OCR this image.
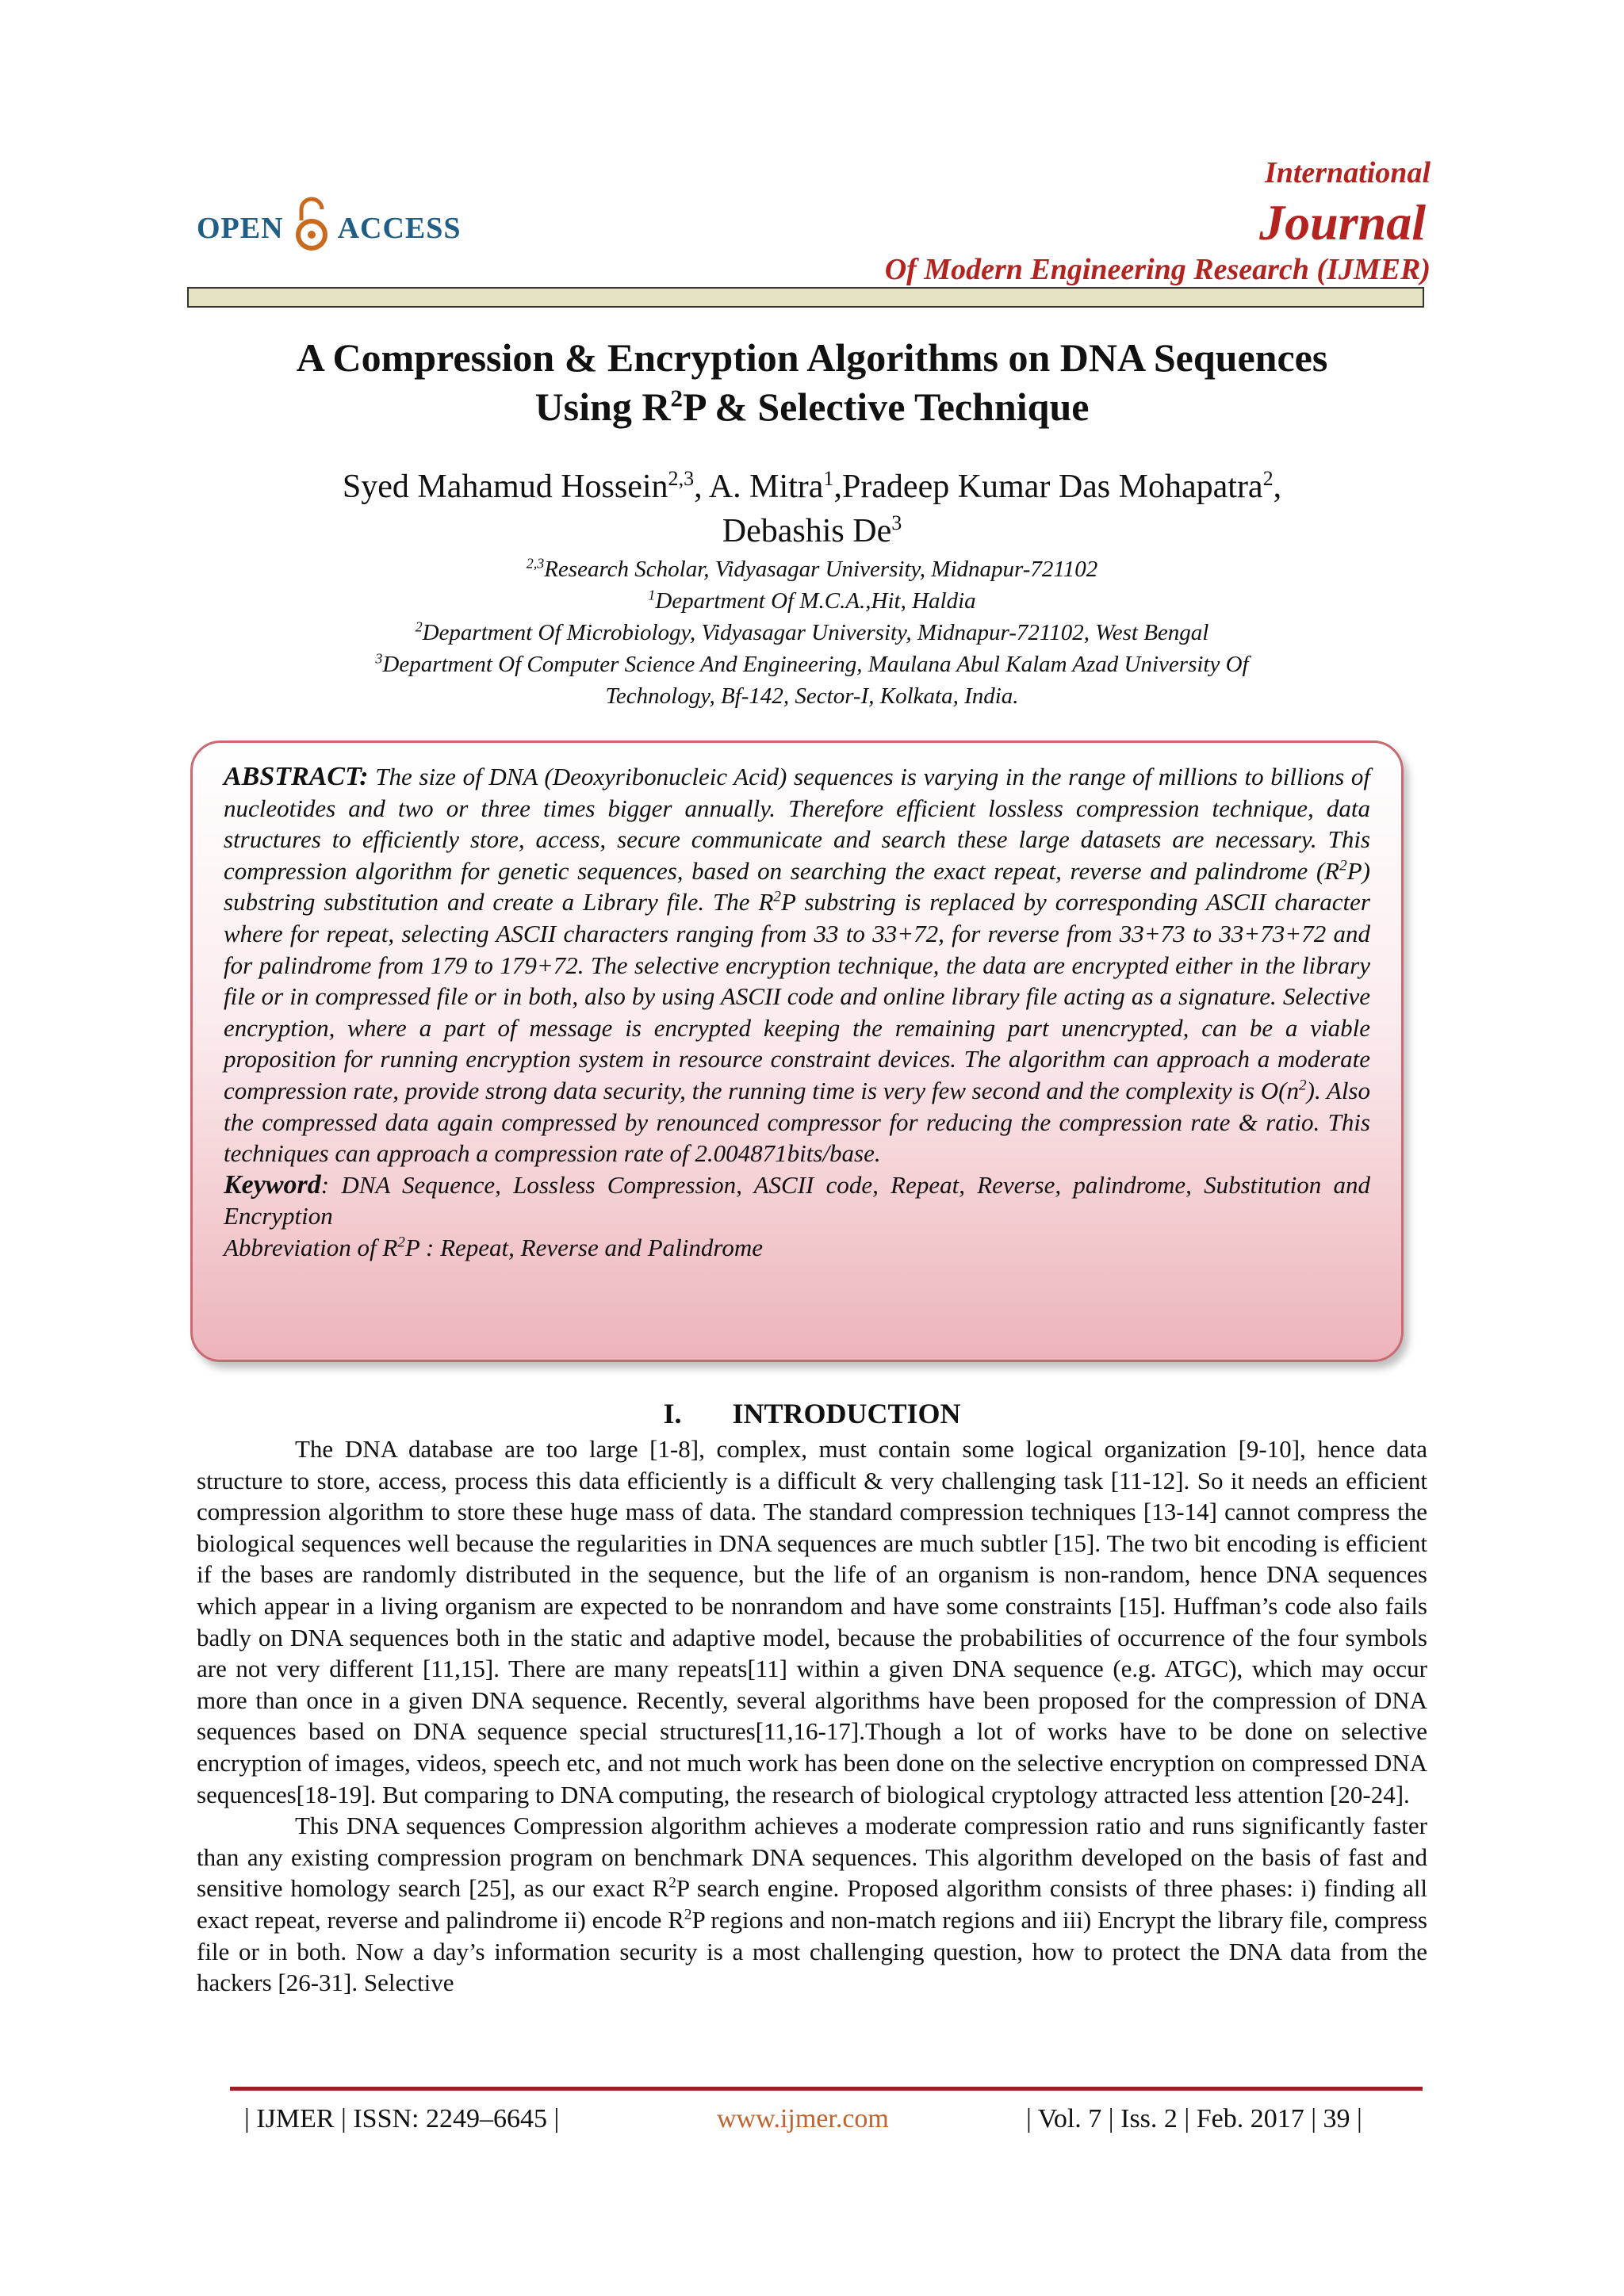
OPEN ACCESS
International
Journal
Of Modern Engineering Research (IJMER)
A Compression & Encryption Algorithms on DNA Sequences
Using $R^2P$ & Selective Technique
Syed Mahamud Hossein$^{2,3}$, A. Mitra$^1$,Pradeep Kumar Das Mohapatra$^2$,
Debashis De$^3$
$^{2,3}$Research Scholar, Vidyasagar University, Midnapur-721102
$^1$Department Of M.C.A.,Hit, Haldia
$^2$Department Of Microbiology, Vidyasagar University, Midnapur-721102, West Bengal
$^3$Department Of Computer Science And Engineering, Maulana Abul Kalam Azad University Of
Technology, Bf-142, Sector-I, Kolkata, India.
ABSTRACT: The size of DNA (Deoxyribonucleic Acid) sequences is varying in the range of millions to billions of nucleotides and two or three times bigger annually. Therefore efficient lossless compression technique, data structures to efficiently store, access, secure communicate and search these large datasets are necessary. This compression algorithm for genetic sequences, based on searching the exact repeat, reverse and palindrome $(R^2P)$ substring substitution and create a Library file. The $R^2P$ substring is replaced by corresponding ASCII character where for repeat, selecting ASCII characters ranging from 33 to 33+72, for reverse from 33+73 to 33+73+72 and for palindrome from 179 to 179+72. The selective encryption technique, the data are encrypted either in the library file or in compressed file or in both, also by using ASCII code and online library file acting as a signature. Selective encryption, where a part of message is encrypted keeping the remaining part unencrypted, can be a viable proposition for running encryption system in resource constraint devices. The algorithm can approach a moderate compression rate, provide strong data security, the running time is very few second and the complexity is $O(n^2)$. Also the compressed data again compressed by renounced compressor for reducing the compression rate & ratio. This techniques can approach a compression rate of 2.004871bits/base.
Keyword: DNA Sequence, Lossless Compression, ASCII code, Repeat, Reverse, palindrome, Substitution and Encryption
Abbreviation of $R^2P$ : Repeat, Reverse and Palindrome
I. INTRODUCTION

The DNA database are too large [1-8], complex, must contain some logical organization [9-10], hence data structure to store, access, process this data efficiently is a difficult & very challenging task [11-12]. So it needs an efficient compression algorithm to store these huge mass of data. The standard compression techniques [13-14] cannot compress the biological sequences well because the regularities in DNA sequences are much subtler [15]. The two bit encoding is efficient if the bases are randomly distributed in the sequence, but the life of an organism is non-random, hence DNA sequences which appear in a living organism are expected to be nonrandom and have some constraints [15]. Huffman’s code also fails badly on DNA sequences both in the static and adaptive model, because the probabilities of occurrence of the four symbols are not very different [11,15]. There are many repeats[11] within a given DNA sequence (e.g. ATGC), which may occur more than once in a given DNA sequence. Recently, several algorithms have been proposed for the compression of DNA sequences based on DNA sequence special structures[11,16-17].Though a lot of works have to be done on selective encryption of images, videos, speech etc, and not much work has been done on the selective encryption on compressed DNA sequences[18-19]. But comparing to DNA computing, the research of biological cryptology attracted less attention [20-24].

This DNA sequences Compression algorithm achieves a moderate compression ratio and runs significantly faster than any existing compression program on benchmark DNA sequences. This algorithm developed on the basis of fast and sensitive homology search [25], as our exact $R^2P$ search engine. Proposed algorithm consists of three phases: i) finding all exact repeat, reverse and palindrome ii) encode $R^2P$ regions and non-match regions and iii) Encrypt the library file, compress file or in both. Now a day’s information security is a most challenging question, how to protect the DNA data from the hackers [26-31]. Selective

| IJMER | ISSN: 2249–6645 |	www.ijmer.com	| Vol. 7 | Iss. 2 | Feb. 2017 | 39 |
